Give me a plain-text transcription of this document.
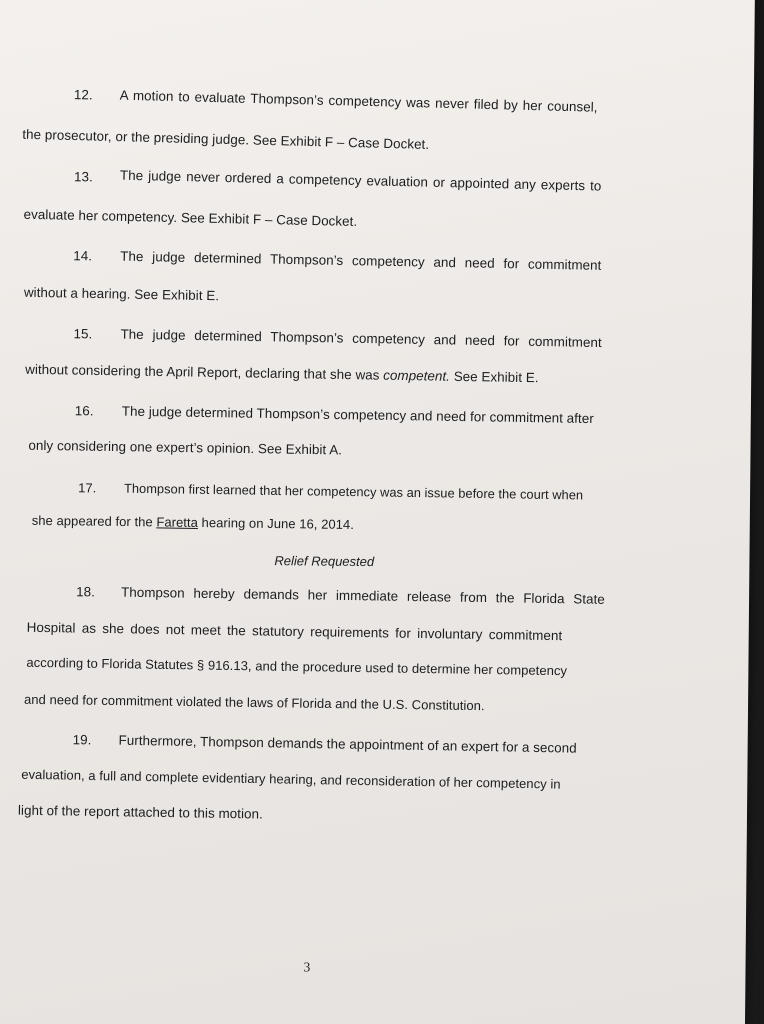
12. A motion to evaluate Thompson’s competency was never filed by her counsel,
the prosecutor, or the presiding judge. See Exhibit F – Case Docket.
13. The judge never ordered a competency evaluation or appointed any experts to
evaluate her competency. See Exhibit F – Case Docket.
14. The judge determined Thompson’s competency and need for commitment
without a hearing. See Exhibit E.
15. The judge determined Thompson’s competency and need for commitment
without considering the April Report, declaring that she was competent. See Exhibit E.
16. The judge determined Thompson’s competency and need for commitment after
only considering one expert’s opinion. See Exhibit A.
17. Thompson first learned that her competency was an issue before the court when
she appeared for the Faretta hearing on June 16, 2014.
Relief Requested
18. Thompson hereby demands her immediate release from the Florida State
Hospital as she does not meet the statutory requirements for involuntary commitment
according to Florida Statutes § 916.13, and the procedure used to determine her competency
and need for commitment violated the laws of Florida and the U.S. Constitution.
19. Furthermore, Thompson demands the appointment of an expert for a second
evaluation, a full and complete evidentiary hearing, and reconsideration of her competency in
light of the report attached to this motion.
3
